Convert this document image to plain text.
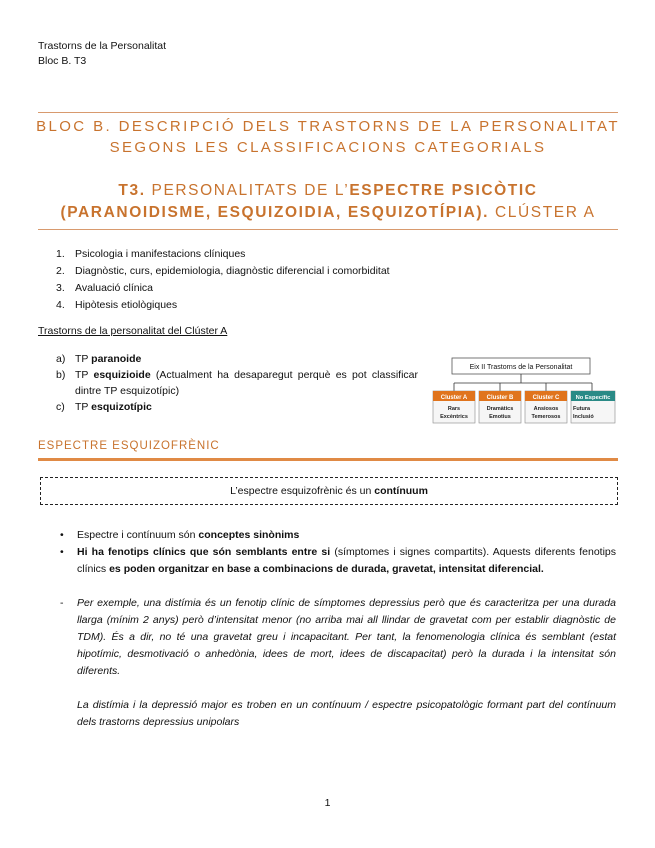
Trastorns de la Personalitat
Bloc B. T3
BLOC B. DESCRIPCIÓ DELS TRASTORNS DE LA PERSONALITAT
SEGONS LES CLASSIFICACIONS CATEGORIALS
T3. PERSONALITATS DE L’ESPECTRE PSICÒTIC
(PARANOIDISME, ESQUIZOIDIA, ESQUIZOTÍPIA). CLÚSTER A
1. Psicologia i manifestacions clíniques
2. Diagnòstic, curs, epidemiologia, diagnòstic diferencial i comorbiditat
3. Avaluació clínica
4. Hipòtesis etiològiques
Trastorns de la personalitat del Clúster A
a) TP paranoide
b) TP esquizioide (Actualment ha desaparegut perquè es pot classificar dintre TP esquizotípic)
c) TP esquizotípic
Eix II Trastorns de la Personalitat
Cluster A
Rars
Excèntrics
Cluster B
Dramàtics
Emotius
Cluster C
Ansiosos
Temerosos
No Específic
Futura
Inclusió
ESPECTRE ESQUIZOFRÈNIC
L’espectre esquizofrènic és un contínuum
• Espectre i contínuum són conceptes sinònims
• Hi ha fenotips clínics que són semblants entre si (símptomes i signes compartits). Aquests diferents fenotips clínics es poden organitzar en base a combinacions de durada, gravetat, intensitat diferencial.
- Per exemple, una distímia és un fenotip clínic de símptomes depressius però que és caracteritza per una durada llarga (mínim 2 anys) però d’intensitat menor (no arriba mai all llindar de gravetat com per establir diagnòstic de TDM). És a dir, no té una gravetat greu i incapacitant. Per tant, la fenomenologia clínica és semblant (estat hipotímic, desmotivació o anhedònia, idees de mort, idees de discapacitat) però la durada i la intensitat són diferents.

La distímia i la depressió major es troben en un contínuum / espectre psicopatològic formant part del contínuum dels trastorns depressius unipolars

1
